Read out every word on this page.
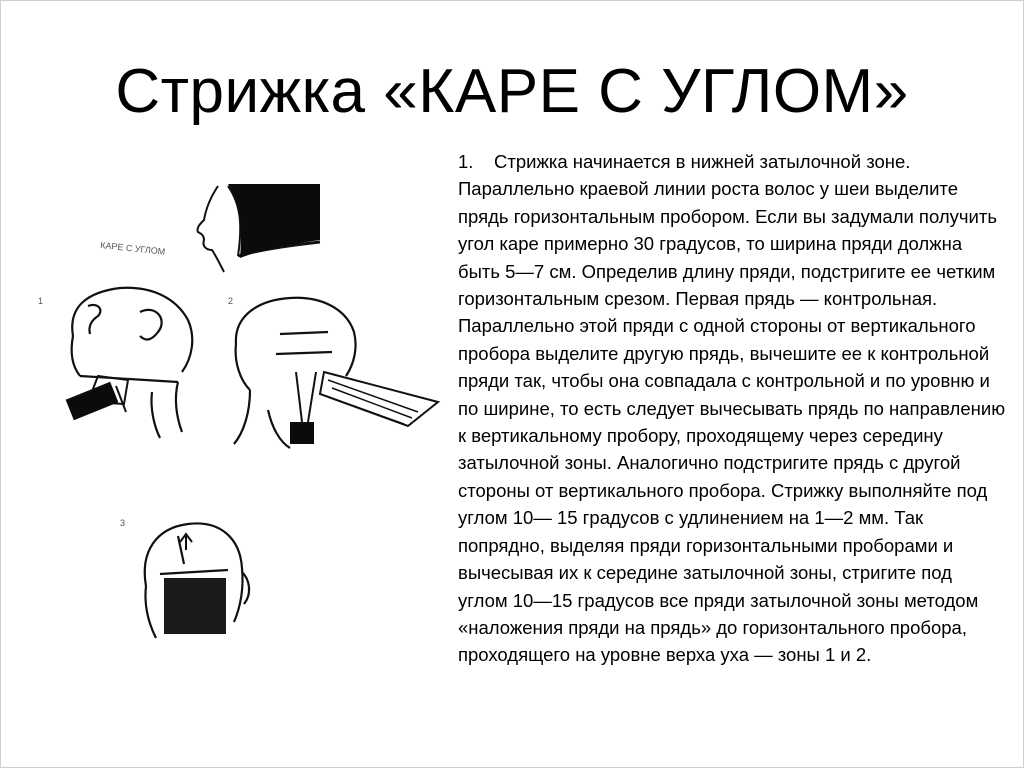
Стрижка «КАРЕ С УГЛОМ»
КАРЕ С УГЛОМ
1	2
3
1. Стрижка начинается в нижней затылочной зоне. Параллельно краевой линии роста волос у шеи выделите прядь горизонтальным пробором. Если вы задумали получить угол каре примерно 30 градусов, то ширина пряди должна быть 5—7 см. Определив длину пряди, подстригите ее четким горизонтальным срезом. Первая прядь — контрольная. Параллельно этой пряди с одной стороны от вертикального пробора выделите другую прядь, вычешите ее к контрольной пряди так, чтобы она совпадала с контрольной и по уровню и по ширине, то есть следует вычесывать прядь по направлению к вертикальному пробору, проходящему через середину затылочной зоны. Аналогично подстригите прядь с другой стороны от вертикального пробора. Стрижку выполняйте под углом 10— 15 градусов с удлинением на 1—2 мм. Так попрядно, выделяя пряди горизонтальными проборами и вычесывая их к середине затылочной зоны, стригите под углом 10—15 градусов все пряди затылочной зоны методом «наложения пряди на прядь» до горизонтального пробора, проходящего на уровне верха уха — зоны 1 и 2.
